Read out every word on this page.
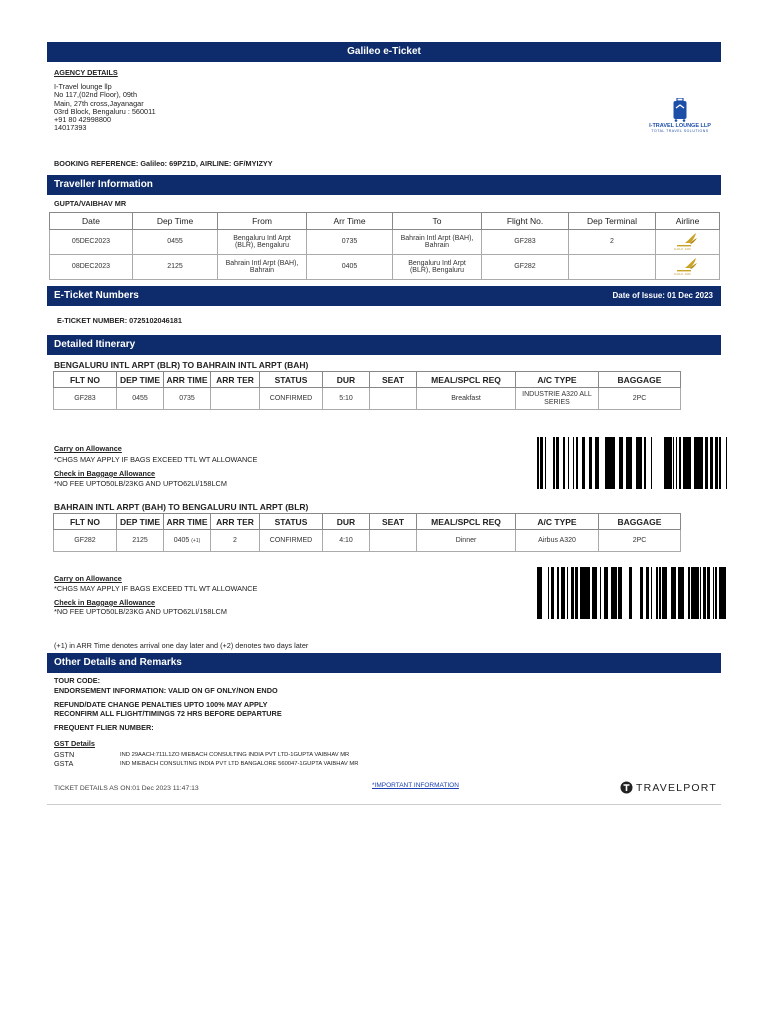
Galileo e-Ticket
AGENCY DETAILS
I-Travel lounge llp
No 117,(02nd Floor), 09th
Main, 27th cross,Jayanagar
03rd Block, Bengaluru : 560011
+91 80 42998800
14017393	I-TRAVEL LOUNGE LLP
TOTAL TRAVEL SOLUTIONS
BOOKING REFERENCE: Galileo: 69PZ1D, AIRLINE: GF/MYIZYY
Traveller Information
GUPTA/VAIBHAV MR
Date	Dep Time	From	Arr Time	To	Flight No.	Dep Terminal	Airline
05DEC2023	0455	Bengaluru Intl Arpt (BLR), Bengaluru	0735	Bahrain Intl Arpt (BAH), Bahrain	GF283	2	GULF AIR

08DEC2023	2125	Bahrain Intl Arpt (BAH), Bahrain	0405	Bengaluru Intl Arpt (BLR), Bengaluru	GF282		GULF AIR
E-Ticket Numbers	Date of Issue: 01 Dec 2023
E-TICKET NUMBER: 0725102046181
Detailed Itinerary
BENGALURU INTL ARPT (BLR) TO BAHRAIN INTL ARPT (BAH)
FLT NO	DEP TIME	ARR TIME	ARR TER	STATUS	DUR	SEAT	MEAL/SPCL REQ	A/C TYPE	BAGGAGE
GF283	0455	0735		CONFIRMED	5:10		Breakfast	INDUSTRIE A320 ALL SERIES	2PC
Carry on Allowance
*CHGS MAY APPLY IF BAGS EXCEED TTL WT ALLOWANCE
Check in Baggage Allowance
*NO FEE UPTO50LB/23KG AND UPTO62LI/158LCM
BAHRAIN INTL ARPT (BAH) TO BENGALURU INTL ARPT (BLR)
FLT NO	DEP TIME	ARR TIME	ARR TER	STATUS	DUR	SEAT	MEAL/SPCL REQ	A/C TYPE	BAGGAGE
GF282	2125	0405 (+1)	2	CONFIRMED	4:10		Dinner	Airbus A320	2PC
Carry on Allowance
*CHGS MAY APPLY IF BAGS EXCEED TTL WT ALLOWANCE
Check in Baggage Allowance
*NO FEE UPTO50LB/23KG AND UPTO62LI/158LCM
(+1) in ARR Time denotes arrival one day later and (+2) denotes two days later
Other Details and Remarks
TOUR CODE:
ENDORSEMENT INFORMATION: VALID ON GF ONLY/NON ENDO
REFUND/DATE CHANGE PENALTIES UPTO 100% MAY APPLY
RECONFIRM ALL FLIGHT/TIMINGS 72 HRS BEFORE DEPARTURE
FREQUENT FLIER NUMBER:
GST Details
GSTN	IND 29AACH:711L1ZO MIEBACH CONSULTING INDIA PVT LTD-1GUPTA VAIBHAV MR
GSTA	IND MIEBACH CONSULTING INDIA PVT LTD BANGALORE 560047-1GUPTA VAIBHAV MR
TICKET DETAILS AS ON:01 Dec 2023 11:47:13	*IMPORTANT INFORMATION	TRAVELPORT
